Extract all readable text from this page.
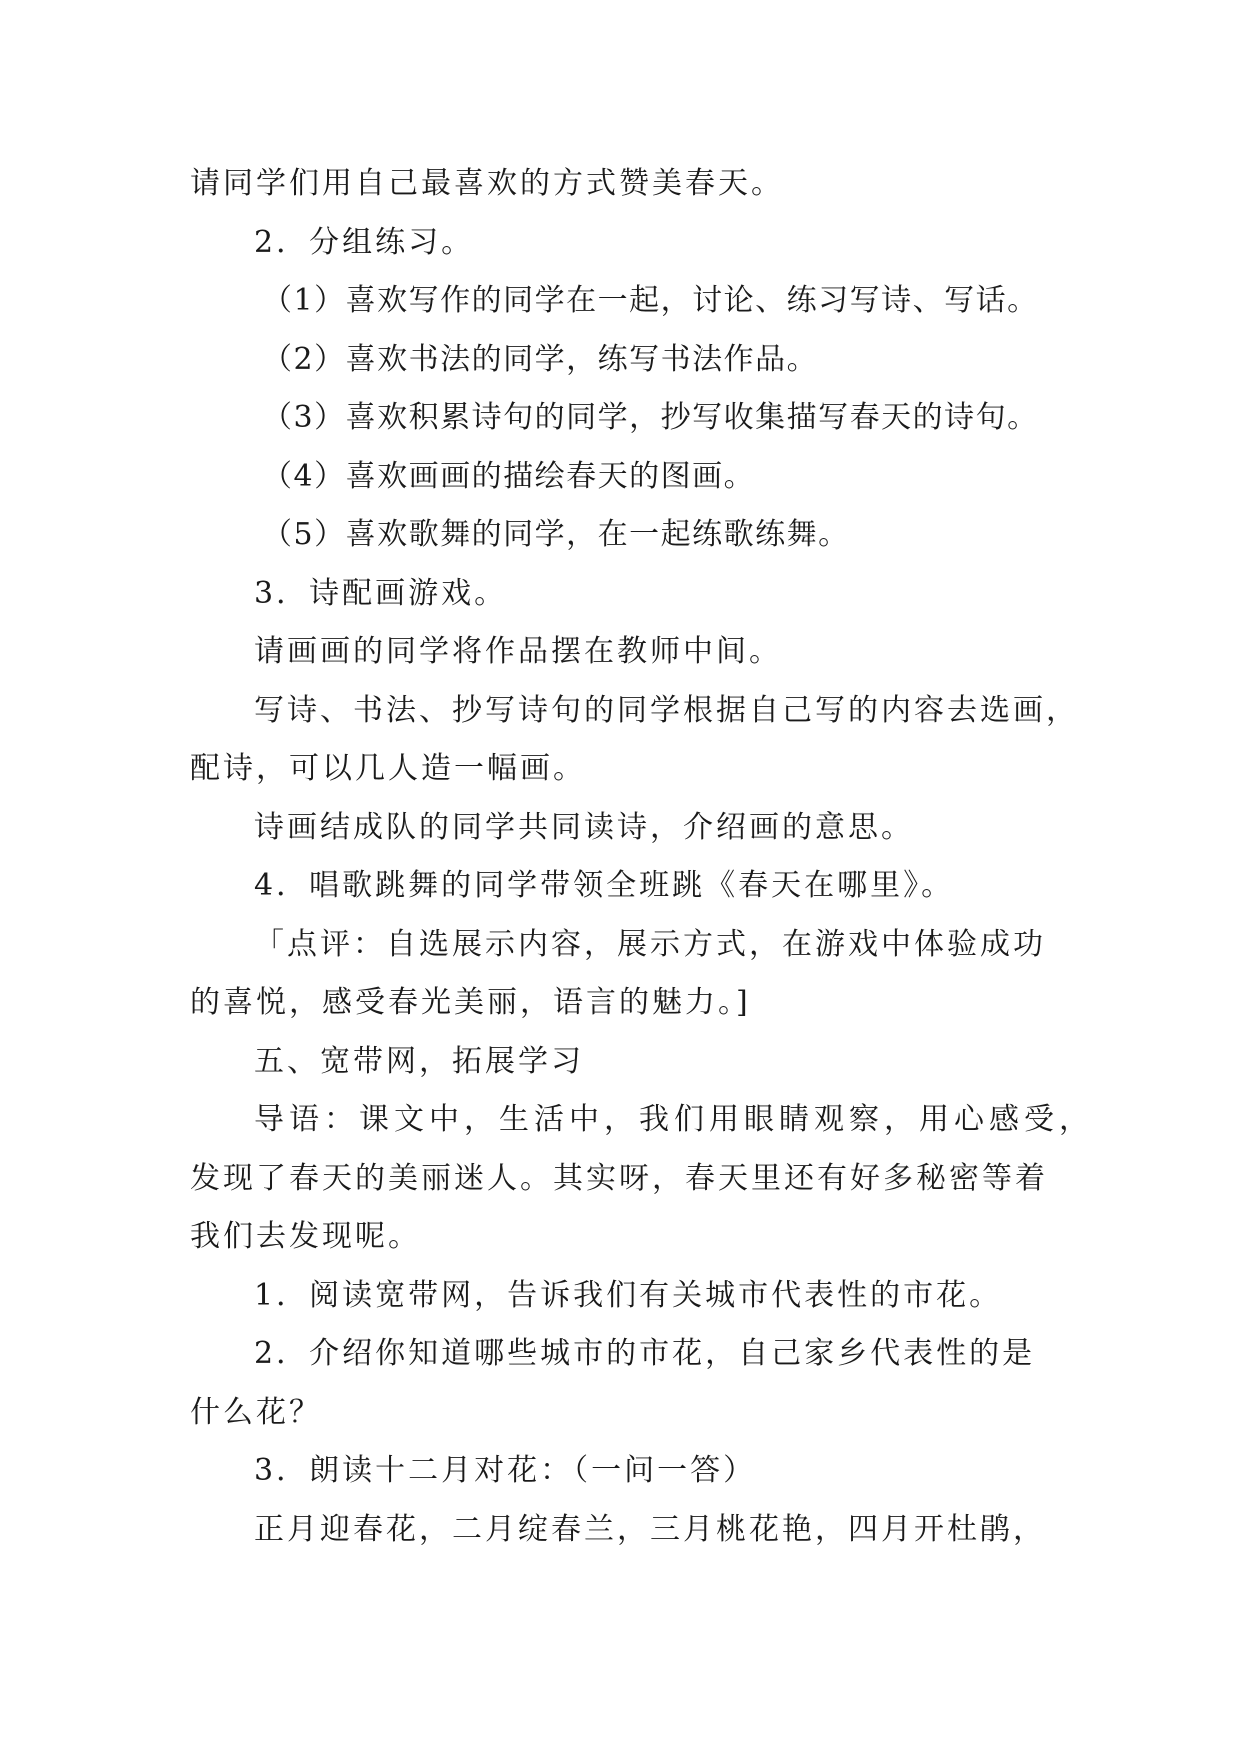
请同学们用自己最喜欢的方式赞美春天。
2．分组练习。
（1）喜欢写作的同学在一起，讨论、练习写诗、写话。
（2）喜欢书法的同学，练写书法作品。
（3）喜欢积累诗句的同学，抄写收集描写春天的诗句。
（4）喜欢画画的描绘春天的图画。
（5）喜欢歌舞的同学，在一起练歌练舞。
3．诗配画游戏。
请画画的同学将作品摆在教师中间。
写诗、书法、抄写诗句的同学根据自己写的内容去选画，
配诗，可以几人造一幅画。
诗画结成队的同学共同读诗，介绍画的意思。
4．唱歌跳舞的同学带领全班跳《春天在哪里》。
「点评：自选展示内容，展示方式，在游戏中体验成功
的喜悦，感受春光美丽，语言的魅力。]
五、宽带网，拓展学习
导语：课文中，生活中，我们用眼睛观察，用心感受，
发现了春天的美丽迷人。其实呀，春天里还有好多秘密等着
我们去发现呢。
1．阅读宽带网，告诉我们有关城市代表性的市花。
2．介绍你知道哪些城市的市花，自己家乡代表性的是
什么花？
3．朗读十二月对花：（一问一答）
正月迎春花，二月绽春兰，三月桃花艳，四月开杜鹃，
